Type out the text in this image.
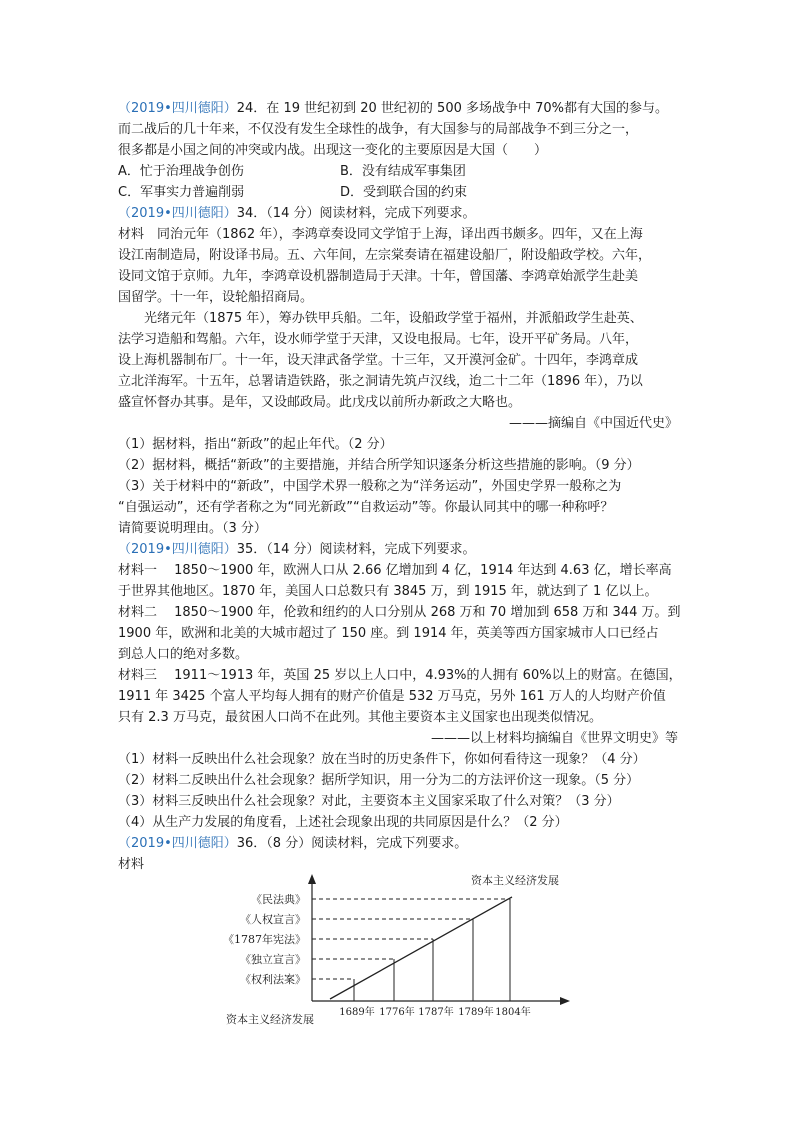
（2019•四川德阳）24．在 19 世纪初到 20 世纪初的 500 多场战争中 70%都有大国的参与。
而二战后的几十年来，不仅没有发生全球性的战争，有大国参与的局部战争不到三分之一，
很多都是小国之间的冲突或内战。出现这一变化的主要原因是大国（　　）
A．忙于治理战争创伤	B．没有结成军事集团
C．军事实力普遍削弱	D．受到联合国的约束
（2019•四川德阳）34．（14 分）阅读材料，完成下列要求。
材料　同治元年（1862 年），李鸿章奏设同文学馆于上海，译出西书颇多。四年，又在上海
设江南制造局，附设译书局。五、六年间，左宗棠奏请在福建设船厂，附设船政学校。六年，
设同文馆于京师。九年，李鸿章设机器制造局于天津。十年，曾国藩、李鸿章始派学生赴美
国留学。十一年，设轮船招商局。
光绪元年（1875 年），筹办铁甲兵船。二年，设船政学堂于福州，并派船政学生赴英、
法学习造船和驾船。六年，设水师学堂于天津，又设电报局。七年，设开平矿务局。八年，
设上海机器制布厂。十一年，设天津武备学堂。十三年，又开漠河金矿。十四年，李鸿章成
立北洋海军。十五年，总署请造铁路，张之洞请先筑卢汉线，迨二十二年（1896 年），乃以
盛宣怀督办其事。是年，又设邮政局。此戊戌以前所办新政之大略也。
———摘编自《中国近代史》
（1）据材料，指出“新政”的起止年代。（2 分）
（2）据材料，概括“新政”的主要措施，并结合所学知识逐条分析这些措施的影响。（9 分）
（3）关于材料中的“新政”，中国学术界一般称之为“洋务运动”，外国史学界一般称之为
“自强运动”，还有学者称之为“同光新政”“自救运动”等。你最认同其中的哪一种称呼？
请简要说明理由。（3 分）
（2019•四川德阳）35．（14 分）阅读材料，完成下列要求。
材料一　 1850～1900 年，欧洲人口从 2.66 亿增加到 4 亿，1914 年达到 4.63 亿，增长率高
于世界其他地区。1870 年，美国人口总数只有 3845 万，到 1915 年，就达到了 1 亿以上。
材料二　 1850～1900 年，伦敦和纽约的人口分别从 268 万和 70 增加到 658 万和 344 万。到
1900 年，欧洲和北美的大城市超过了 150 座。到 1914 年，英美等西方国家城市人口已经占
到总人口的绝对多数。
材料三　 1911～1913 年，英国 25 岁以上人口中，4.93%的人拥有 60%以上的财富。在德国，
1911 年 3425 个富人平均每人拥有的财产价值是 532 万马克，另外 161 万人的人均财产价值
只有 2.3 万马克，最贫困人口尚不在此列。其他主要资本主义国家也出现类似情况。
———以上材料均摘编自《世界文明史》等
（1）材料一反映出什么社会现象？放在当时的历史条件下，你如何看待这一现象？（4 分）
（2）材料二反映出什么社会现象？据所学知识，用一分为二的方法评价这一现象。（5 分）
（3）材料三反映出什么社会现象？对此，主要资本主义国家采取了什么对策？（3 分）
（4）从生产力发展的角度看，上述社会现象出现的共同原因是什么？（2 分）
（2019•四川德阳）36．（8 分）阅读材料，完成下列要求。
材料
《民法典》
《人权宣言》
《1787年宪法》
《独立宣言》
《权利法案》
1689年 1776年 1787年 1789年 1804年
资本主义经济发展
资本主义经济发展
